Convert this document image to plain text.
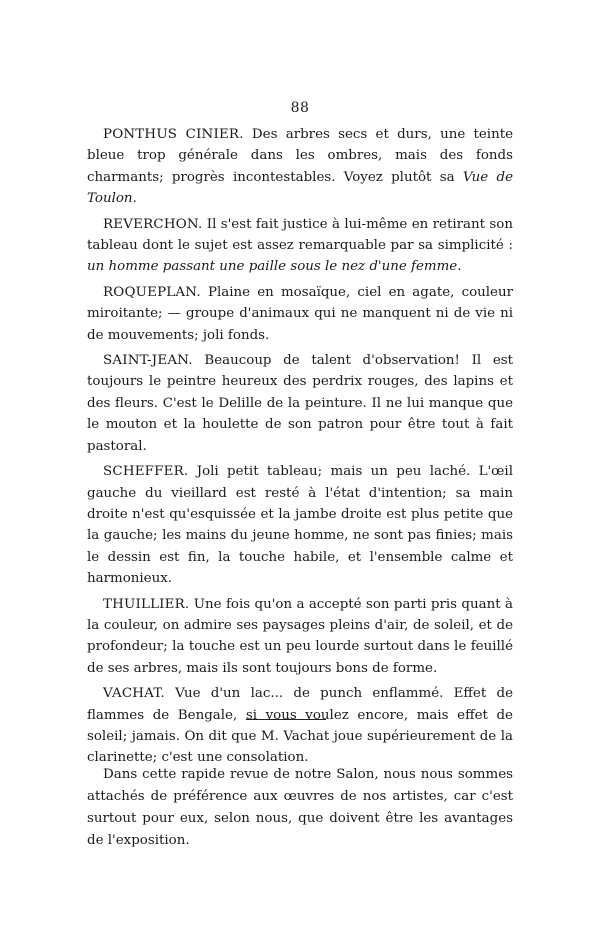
88

PONTHUS CINIER. Des arbres secs et durs, une teinte bleue trop générale dans les ombres, mais des fonds charmants; progrès incontestables. Voyez plutôt sa Vue de Toulon.

REVERCHON. Il s'est fait justice à lui-même en retirant son tableau dont le sujet est assez remarquable par sa simplicité : un homme passant une paille sous le nez d'une femme.

ROQUEPLAN. Plaine en mosaïque, ciel en agate, couleur miroitante; — groupe d'animaux qui ne manquent ni de vie ni de mouvements; joli fonds.

SAINT-JEAN. Beaucoup de talent d'observation! Il est toujours le peintre heureux des perdrix rouges, des lapins et des fleurs. C'est le Delille de la peinture. Il ne lui manque que le mouton et la houlette de son patron pour être tout à fait pastoral.

SCHEFFER. Joli petit tableau; mais un peu laché. L'œil gauche du vieillard est resté à l'état d'intention; sa main droite n'est qu'esquissée et la jambe droite est plus petite que la gauche; les mains du jeune homme, ne sont pas finies; mais le dessin est fin, la touche habile, et l'ensemble calme et harmonieux.

THUILLIER. Une fois qu'on a accepté son parti pris quant à la couleur, on admire ses paysages pleins d'air, de soleil, et de profondeur; la touche est un peu lourde surtout dans le feuillé de ses arbres, mais ils sont toujours bons de forme.

VACHAT. Vue d'un lac... de punch enflammé. Effet de flammes de Bengale, si vous voulez encore, mais effet de soleil; jamais. On dit que M. Vachat joue supérieurement de la clarinette; c'est une consolation.

Dans cette rapide revue de notre Salon, nous nous sommes attachés de préférence aux œuvres de nos artistes, car c'est surtout pour eux, selon nous, que doivent être les avantages de l'exposition.
